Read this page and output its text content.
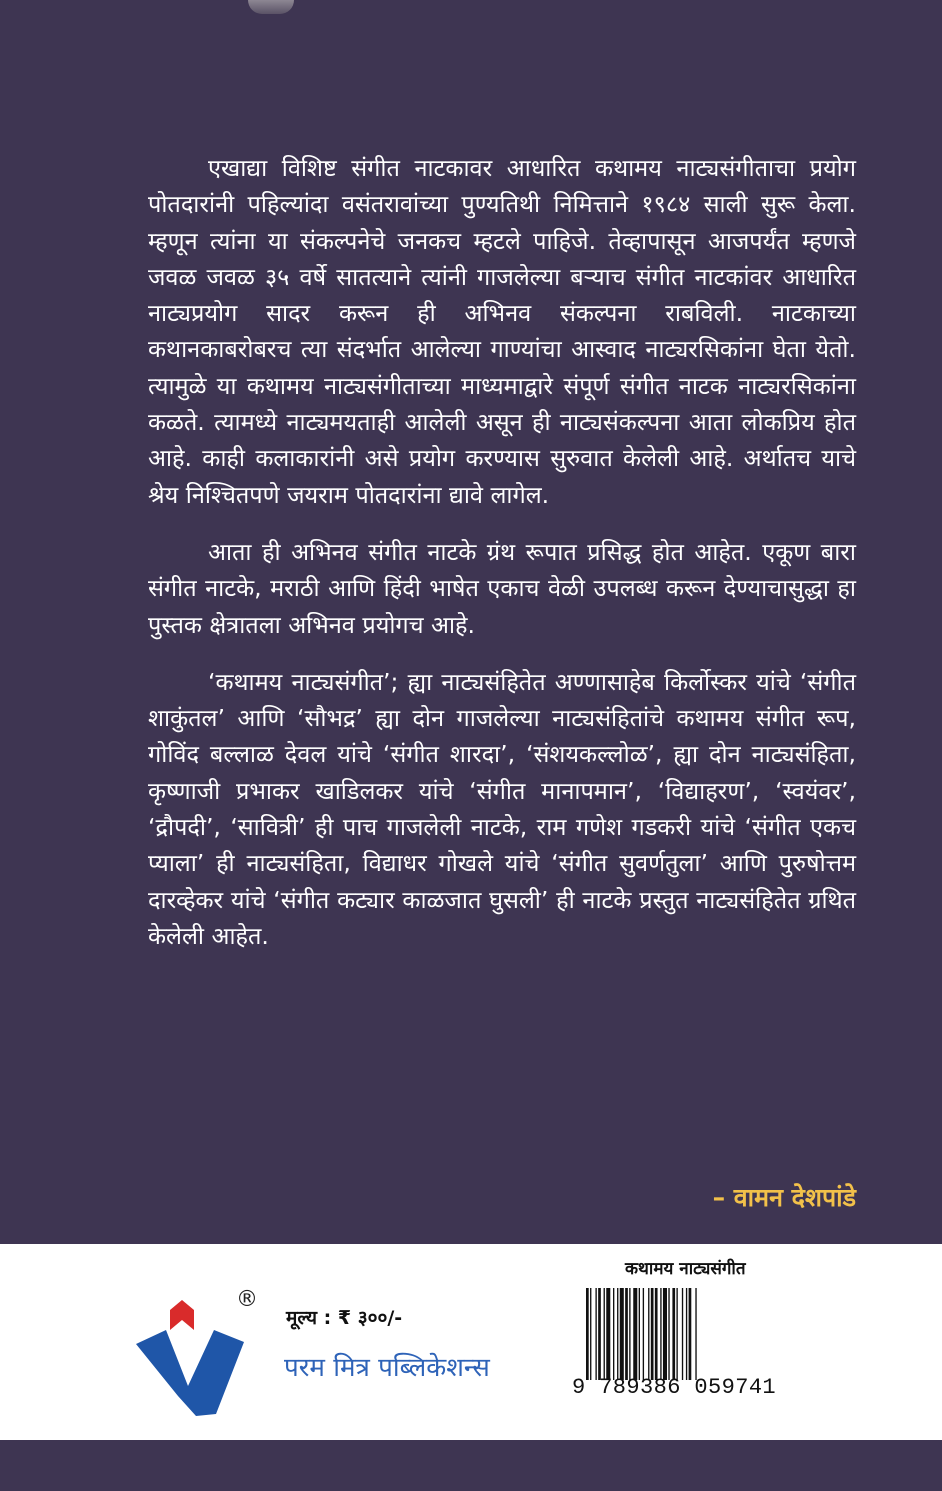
एखाद्या विशिष्ट संगीत नाटकावर आधारित कथामय नाट्यसंगीताचा प्रयोग पोतदारांनी पहिल्यांदा वसंतरावांच्या पुण्यतिथी निमित्ताने १९८४ साली सुरू केला. म्हणून त्यांना या संकल्पनेचे जनकच म्हटले पाहिजे. तेव्हापासून आजपर्यंत म्हणजे जवळ जवळ ३५ वर्षे सातत्याने त्यांनी गाजलेल्या बऱ्याच संगीत नाटकांवर आधारित नाट्यप्रयोग सादर करून ही अभिनव संकल्पना राबविली. नाटकाच्या कथानकाबरोबरच त्या संदर्भात आलेल्या गाण्यांचा आस्वाद नाट्यरसिकांना घेता येतो. त्यामुळे या कथामय नाट्यसंगीताच्या माध्यमाद्वारे संपूर्ण संगीत नाटक नाट्यरसिकांना कळते. त्यामध्ये नाट्यमयताही आलेली असून ही नाट्यसंकल्पना आता लोकप्रिय होत आहे. काही कलाकारांनी असे प्रयोग करण्यास सुरुवात केलेली आहे. अर्थातच याचे श्रेय निश्चितपणे जयराम पोतदारांना द्यावे लागेल.

आता ही अभिनव संगीत नाटके ग्रंथ रूपात प्रसिद्ध होत आहेत. एकूण बारा संगीत नाटके, मराठी आणि हिंदी भाषेत एकाच वेळी उपलब्ध करून देण्याचासुद्धा हा पुस्तक क्षेत्रातला अभिनव प्रयोगच आहे.

‘कथामय नाट्यसंगीत’; ह्या नाट्यसंहितेत अण्णासाहेब किर्लोस्कर यांचे ‘संगीत शाकुंतल’ आणि ‘सौभद्र’ ह्या दोन गाजलेल्या नाट्यसंहितांचे कथामय संगीत रूप, गोविंद बल्लाळ देवल यांचे ‘संगीत शारदा’, ‘संशयकल्लोळ’, ह्या दोन नाट्यसंहिता, कृष्णाजी प्रभाकर खाडिलकर यांचे ‘संगीत मानापमान’, ‘विद्याहरण’, ‘स्वयंवर’, ‘द्रौपदी’, ‘सावित्री’ ही पाच गाजलेली नाटके, राम गणेश गडकरी यांचे ‘संगीत एकच प्याला’ ही नाट्यसंहिता, विद्याधर गोखले यांचे ‘संगीत सुवर्णतुला’ आणि पुरुषोत्तम दारव्हेकर यांचे ‘संगीत कट्यार काळजात घुसली’ ही नाटके प्रस्तुत नाट्यसंहितेत ग्रथित केलेली आहेत.

– वामन देशपांडे
®
मूल्य : ₹ ३००/-
परम मित्र पब्लिकेशन्स
कथामय नाट्यसंगीत
9 789386 059741
